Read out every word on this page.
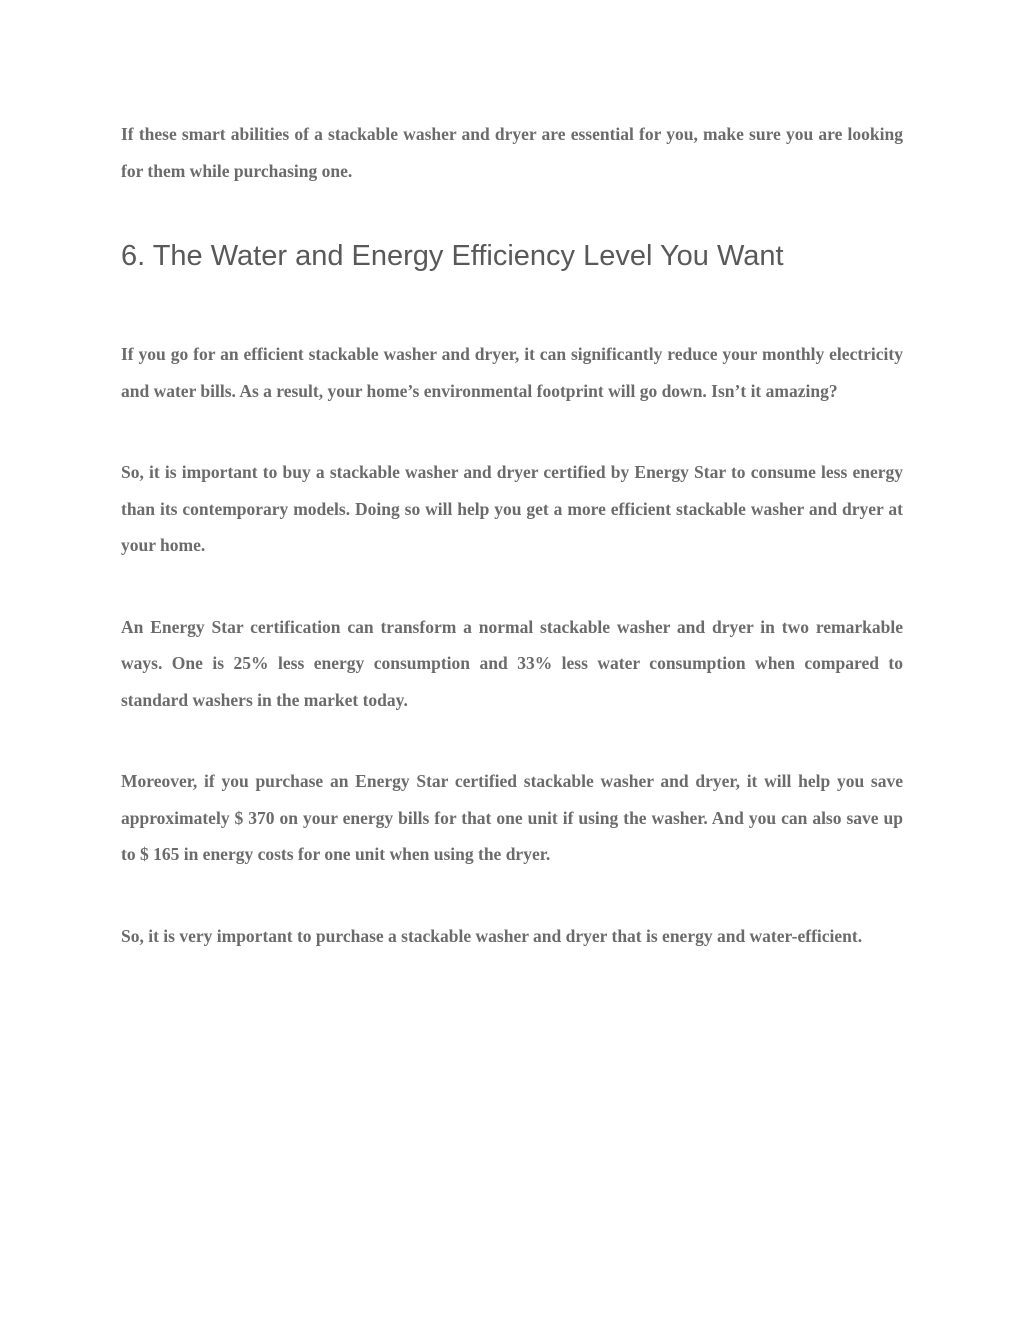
If these smart abilities of a stackable washer and dryer are essential for you, make sure you are looking for them while purchasing one.

6. The Water and Energy Efficiency Level You Want

If you go for an efficient stackable washer and dryer, it can significantly reduce your monthly electricity and water bills. As a result, your home’s environmental footprint will go down. Isn’t it amazing?

So, it is important to buy a stackable washer and dryer certified by Energy Star to consume less energy than its contemporary models. Doing so will help you get a more efficient stackable washer and dryer at your home.

An Energy Star certification can transform a normal stackable washer and dryer in two remarkable ways. One is 25% less energy consumption and 33% less water consumption when compared to standard washers in the market today.

Moreover, if you purchase an Energy Star certified stackable washer and dryer, it will help you save approximately $ 370 on your energy bills for that one unit if using the washer. And you can also save up to $ 165 in energy costs for one unit when using the dryer.

So, it is very important to purchase a stackable washer and dryer that is energy and water-efficient.
